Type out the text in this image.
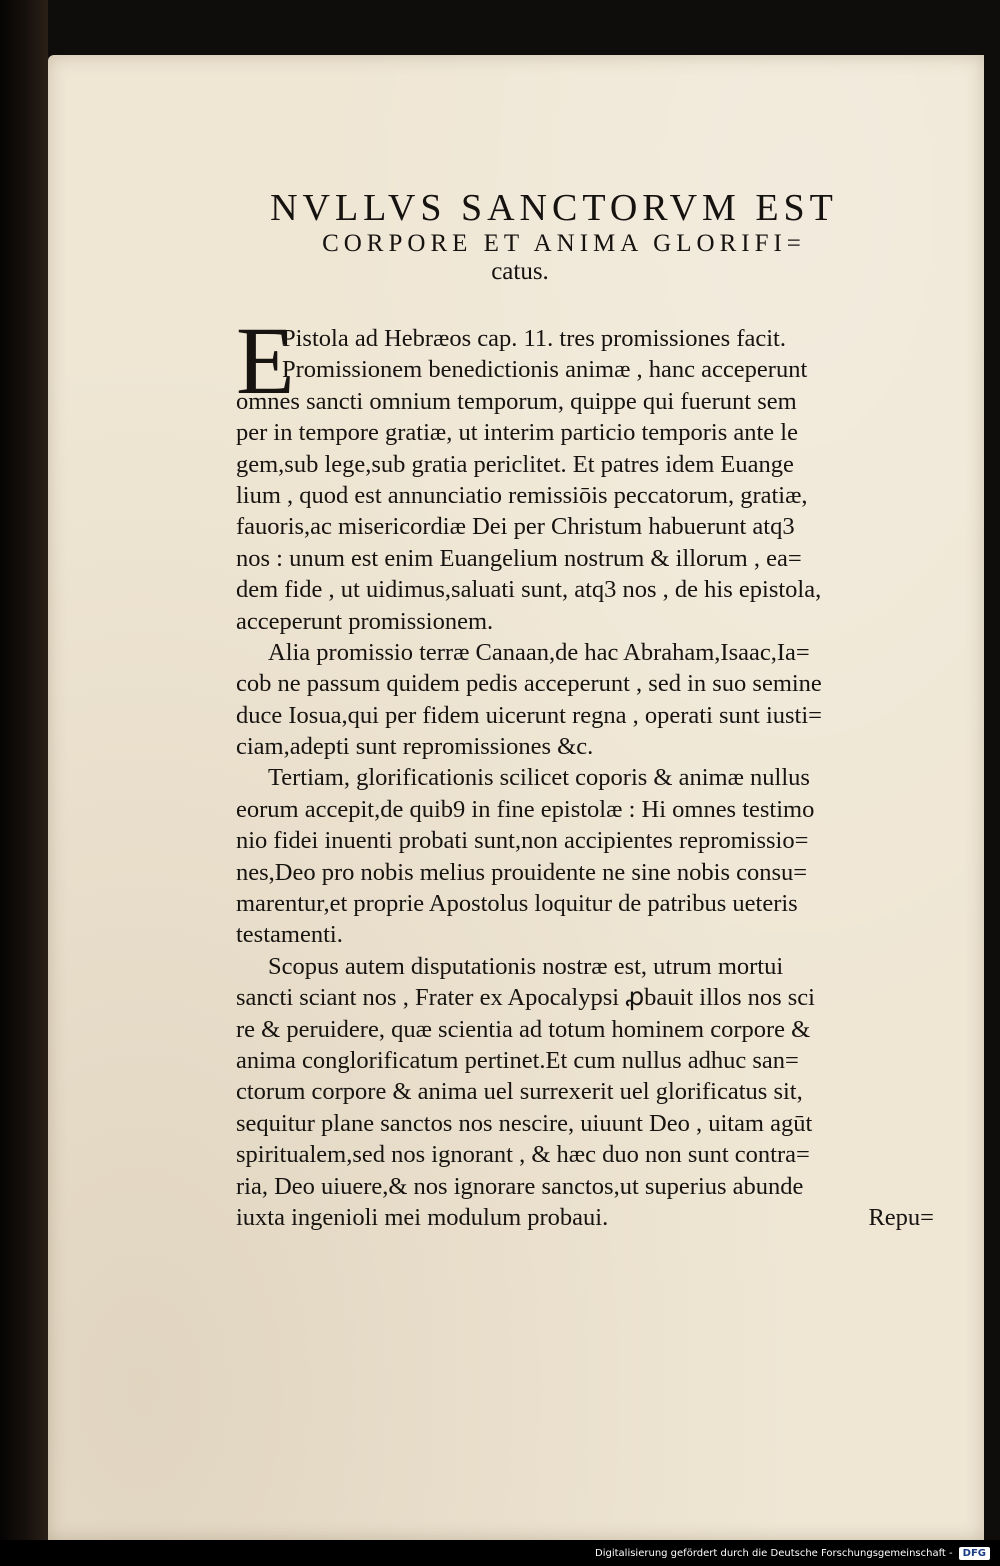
NVLLVS SANCTORVM EST
CORPORE ET ANIMA GLORIFI=
catus.
E
Pistola ad Hebræos cap. 11. tres promissiones facit.
Promissionem benedictionis animæ , hanc acceperunt
omnes sancti omnium temporum, quippe qui fuerunt sem
per in tempore gratiæ, ut interim particio temporis ante le
gem,sub lege,sub gratia periclitet. Et patres idem Euange
lium , quod est annunciatio remissiōis peccatorum, gratiæ,
fauoris,ac misericordiæ Dei per Christum habuerunt atq3
nos : unum est enim Euangelium nostrum & illorum , ea=
dem fide , ut uidimus,saluati sunt, atq3 nos , de his epistola,
acceperunt promissionem.
Alia promissio terræ Canaan,de hac Abraham,Isaac,Ia=
cob ne passum quidem pedis acceperunt , sed in suo semine
duce Iosua,qui per fidem uicerunt regna , operati sunt iusti=
ciam,adepti sunt repromissiones &c.
Tertiam, glorificationis scilicet coporis & animæ nullus
eorum accepit,de quib9 in fine epistolæ : Hi omnes testimo
nio fidei inuenti probati sunt,non accipientes repromissio=
nes,Deo pro nobis melius prouidente ne sine nobis consu=
marentur,et proprie Apostolus loquitur de patribus ueteris
testamenti.
Scopus autem disputationis nostræ est, utrum mortui
sancti sciant nos , Frater ex Apocalypsi ꝓbauit illos nos sci
re & peruidere, quæ scientia ad totum hominem corpore &
anima conglorificatum pertinet.Et cum nullus adhuc san=
ctorum corpore & anima uel surrexerit uel glorificatus sit,
sequitur plane sanctos nos nescire, uiuunt Deo , uitam agūt
spiritualem,sed nos ignorant , & hæc duo non sunt contra=
ria, Deo uiuere,& nos ignorare sanctos,ut superius abunde
iuxta ingenioli mei modulum probaui.	Repu=
Digitalisierung gefördert durch die Deutsche Forschungsgemeinschaft -	DFG
